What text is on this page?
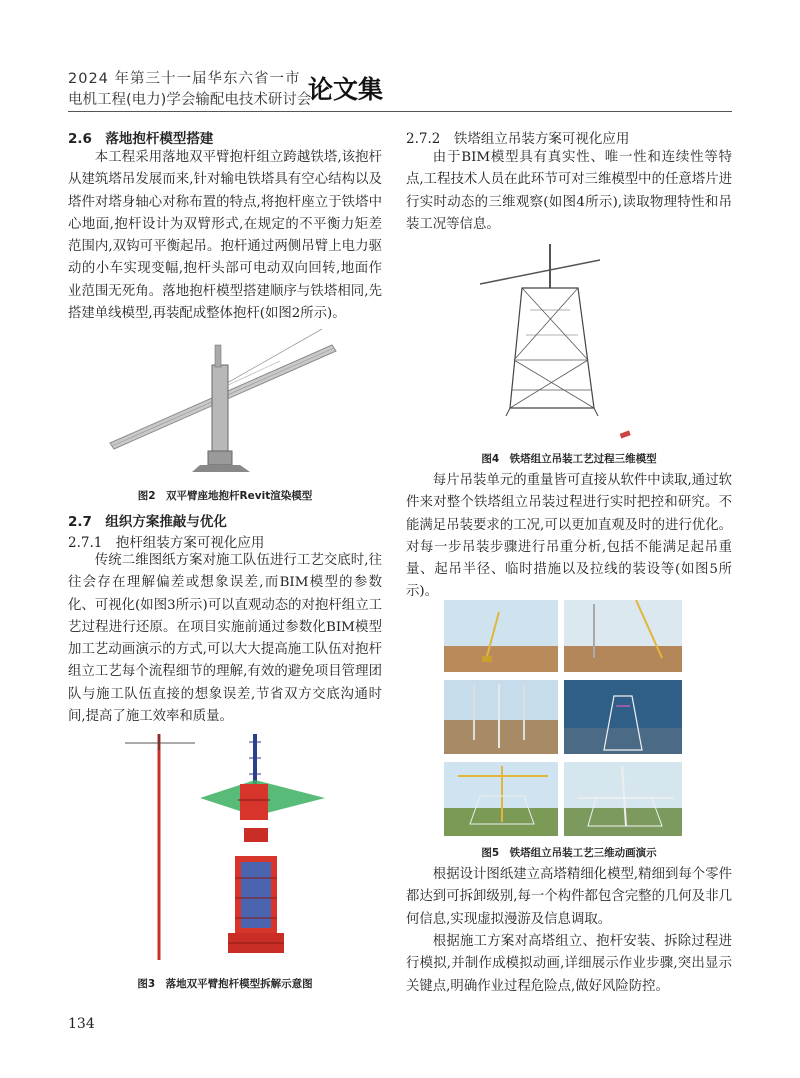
2024 年第三十一届华东六省一市
电机工程(电力)学会输配电技术研讨会
论文集
2.6　落地抱杆模型搭建

本工程采用落地双平臂抱杆组立跨越铁塔,该抱杆从建筑塔吊发展而来,针对输电铁塔具有空心结构以及塔件对塔身轴心对称布置的特点,将抱杆座立于铁塔中心地面,抱杆设计为双臂形式,在规定的不平衡力矩差范围内,双钩可平衡起吊。抱杆通过两侧吊臂上电力驱动的小车实现变幅,抱杆头部可电动双向回转,地面作业范围无死角。落地抱杆模型搭建顺序与铁塔相同,先搭建单线模型,再装配成整体抱杆(如图2所示)。

图2　双平臂座地抱杆Revit渲染模型
2.7　组织方案推敲与优化
2.7.1　抱杆组装方案可视化应用

传统二维图纸方案对施工队伍进行工艺交底时,往往会存在理解偏差或想象误差,而BIM模型的参数化、可视化(如图3所示)可以直观动态的对抱杆组立工艺过程进行还原。在项目实施前通过参数化BIM模型加工艺动画演示的方式,可以大大提高施工队伍对抱杆组立工艺每个流程细节的理解,有效的避免项目管理团队与施工队伍直接的想象误差,节省双方交底沟通时间,提高了施工效率和质量。

图3　落地双平臂抱杆模型拆解示意图
2.7.2　铁塔组立吊装方案可视化应用

由于BIM模型具有真实性、唯一性和连续性等特点,工程技术人员在此环节可对三维模型中的任意塔片进行实时动态的三维观察(如图4所示),读取物理特性和吊装工况等信息。

图4　铁塔组立吊装工艺过程三维模型

每片吊装单元的重量皆可直接从软件中读取,通过软件来对整个铁塔组立吊装过程进行实时把控和研究。不能满足吊装要求的工况,可以更加直观及时的进行优化。对每一步吊装步骤进行吊重分析,包括不能满足起吊重量、起吊半径、临时措施以及拉线的装设等(如图5所示)。

图5　铁塔组立吊装工艺三维动画演示

根据设计图纸建立高塔精细化模型,精细到每个零件都达到可拆卸级别,每一个构件都包含完整的几何及非几何信息,实现虚拟漫游及信息调取。

根据施工方案对高塔组立、抱杆安装、拆除过程进行模拟,并制作成模拟动画,详细展示作业步骤,突出显示关键点,明确作业过程危险点,做好风险防控。

134
